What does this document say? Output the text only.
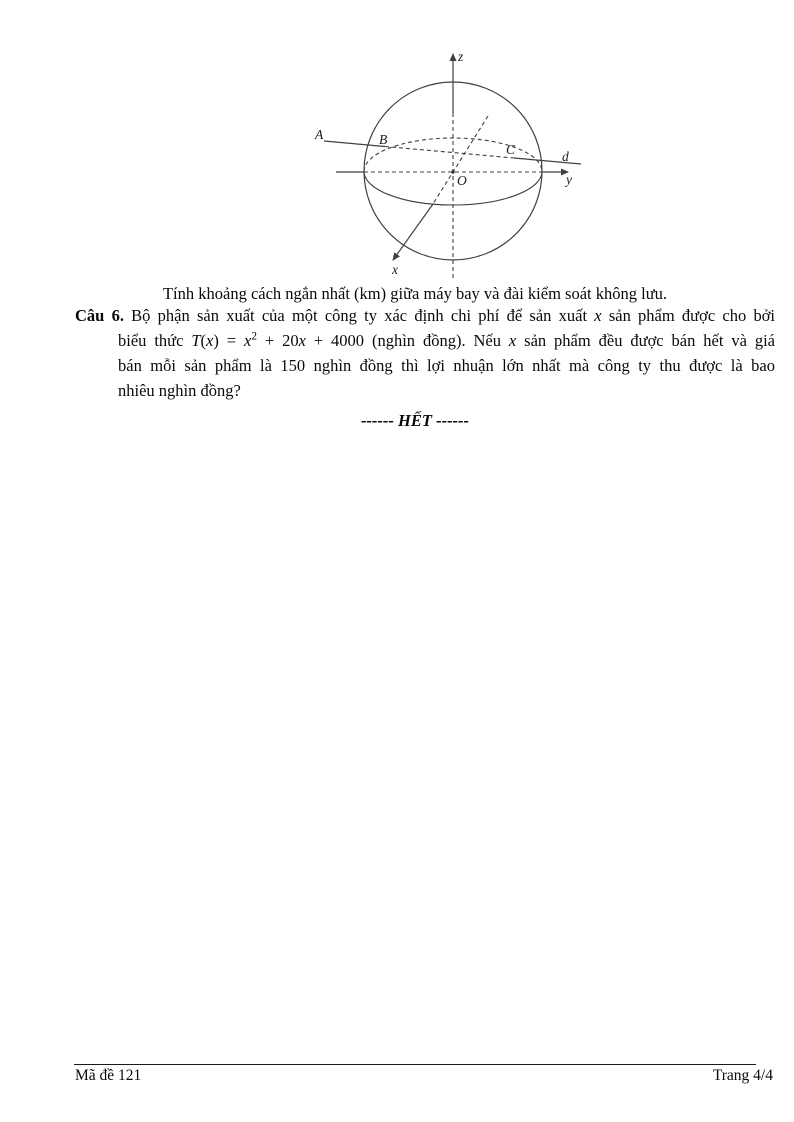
z
y
x
O
A	B
C	d
Tính khoảng cách ngắn nhất (km) giữa máy bay và đài kiểm soát không lưu.
Câu 6. Bộ phận sản xuất của một công ty xác định chi phí để sản xuất x sản phẩm được cho bởi
biểu thức $T(x) = x^2 + 20x + 4000$ (nghìn đồng). Nếu x sản phẩm đều được bán hết và giá
bán mỗi sản phẩm là 150 nghìn đồng thì lợi nhuận lớn nhất mà công ty thu được là bao
nhiêu nghìn đồng?
------ HẾT ------
Mã đề 121	Trang 4/4
